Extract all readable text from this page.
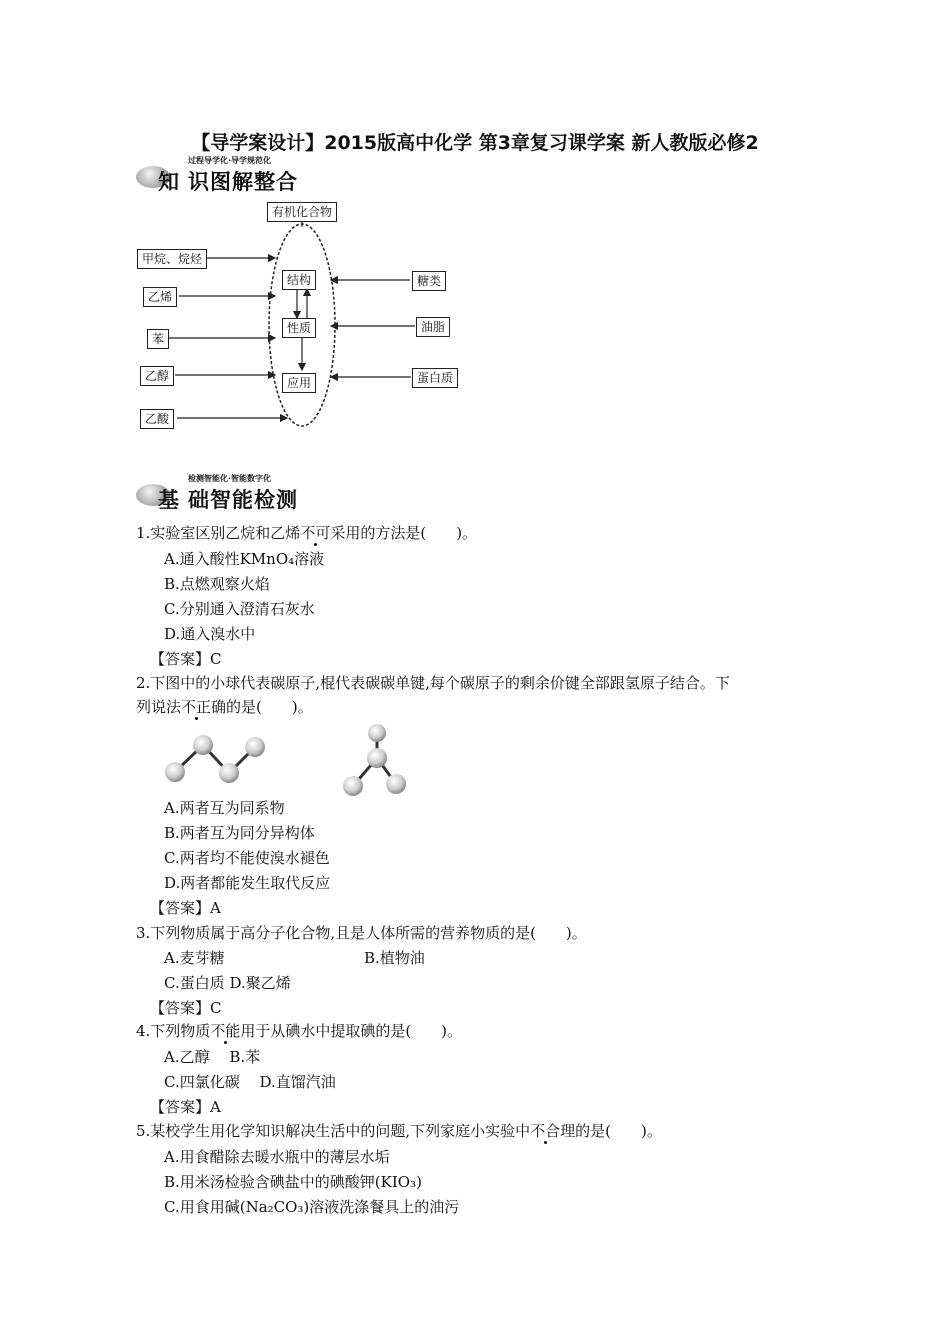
【导学案设计】2015版高中化学 第3章复习课学案 新人教版必修2
过程导学化·导学规范化
知 识图解整合
有机化合物
甲烷、烷烃
乙烯
苯
乙醇
乙酸
结构
性质
应用
糖类
油脂
蛋白质
检测智能化·智能数字化
基 础智能检测
1.实验室区别乙烷和乙烯不可采用的方法是(　　)。
A.通入酸性KMnO₄溶液
B.点燃观察火焰
C.分别通入澄清石灰水
D.通入溴水中
【答案】C
2.下图中的小球代表碳原子,棍代表碳碳单键,每个碳原子的剩余价键全部跟氢原子结合。下
列说法不正确的是(　　)。
A.两者互为同系物
B.两者互为同分异构体
C.两者均不能使溴水褪色
D.两者都能发生取代反应
【答案】A
3.下列物质属于高分子化合物,且是人体所需的营养物质的是(　　)。
A.麦芽糖	B.植物油
C.蛋白质 D.聚乙烯
【答案】C
4.下列物质不能用于从碘水中提取碘的是(　　)。
A.乙醇　 B.苯
C.四氯化碳　 D.直馏汽油
【答案】A
5.某校学生用化学知识解决生活中的问题,下列家庭小实验中不合理的是(　　)。
A.用食醋除去暖水瓶中的薄层水垢
B.用米汤检验含碘盐中的碘酸钾(KIO₃)
C.用食用碱(Na₂CO₃)溶液洗涤餐具上的油污
